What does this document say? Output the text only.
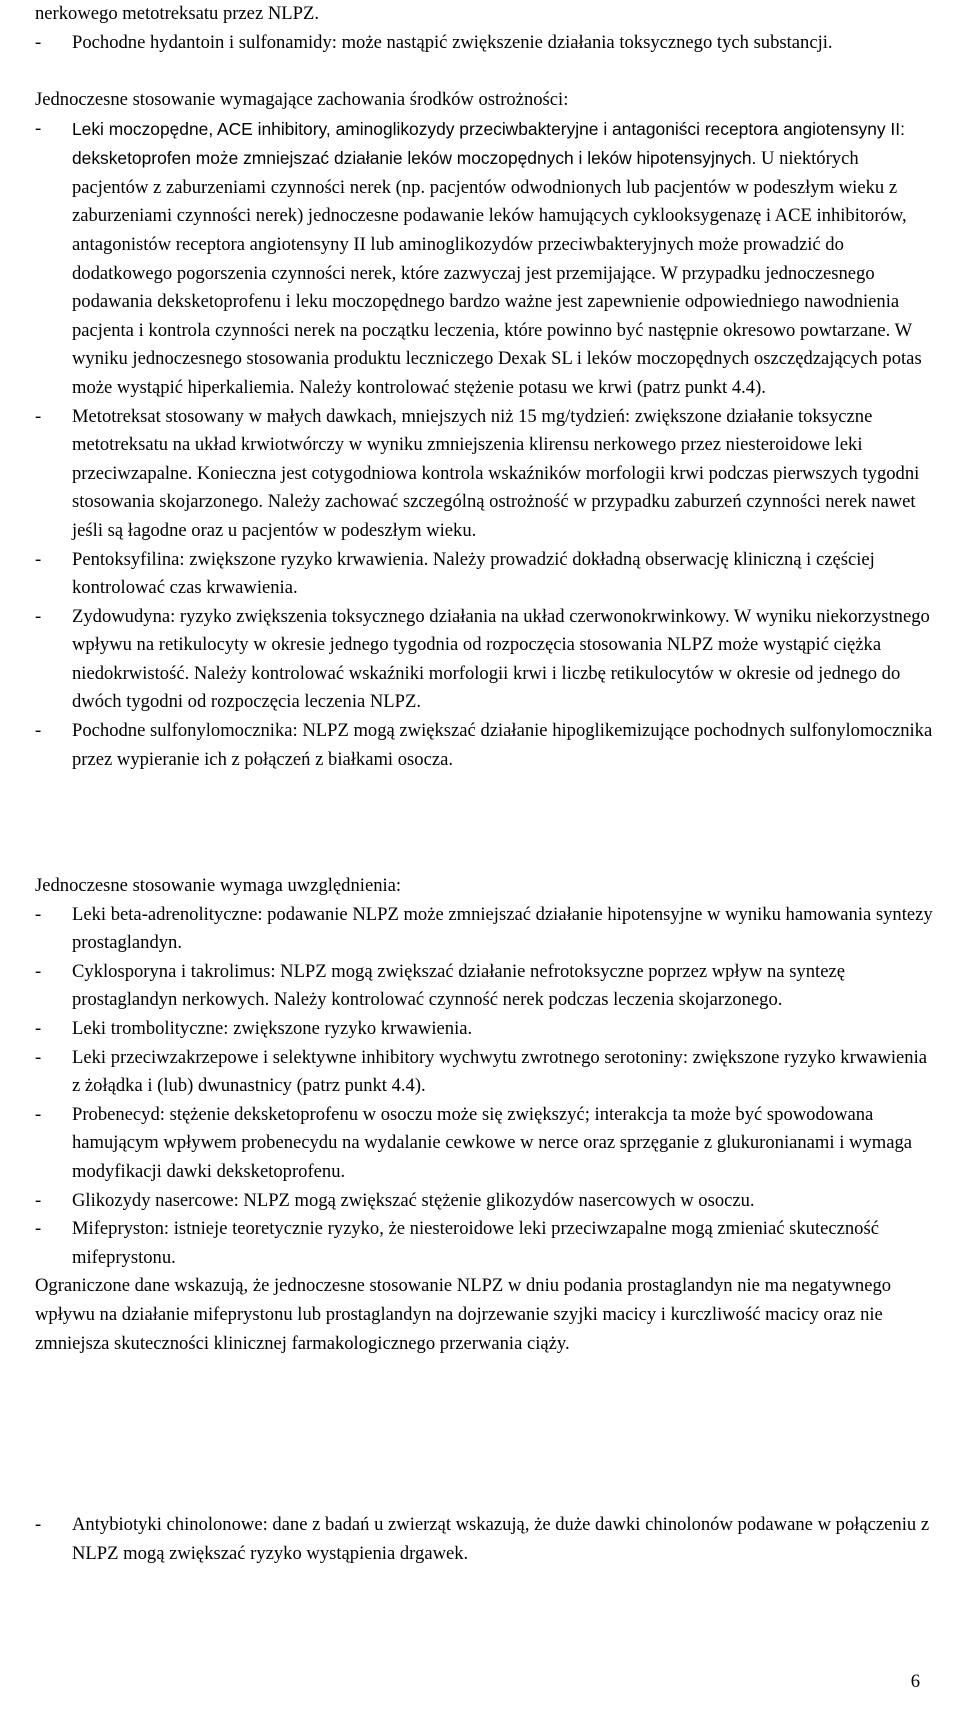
nerkowego metotreksatu przez NLPZ.

- Pochodne hydantoin i sulfonamidy: może nastąpić zwiększenie działania toksycznego tych substancji.

Jednoczesne stosowanie wymagające zachowania środków ostrożności:

- Leki moczopędne, ACE inhibitory, aminoglikozydy przeciwbakteryjne i antagoniści receptora angiotensyny II: deksketoprofen może zmniejszać działanie leków moczopędnych i leków hipotensyjnych. U niektórych pacjentów z zaburzeniami czynności nerek (np. pacjentów odwodnionych lub pacjentów w podeszłym wieku z zaburzeniami czynności nerek) jednoczesne podawanie leków hamujących cyklooksygenazę i ACE inhibitorów, antagonistów receptora angiotensyny II lub aminoglikozydów przeciwbakteryjnych może prowadzić do dodatkowego pogorszenia czynności nerek, które zazwyczaj jest przemijające. W przypadku jednoczesnego podawania deksketoprofenu i leku moczopędnego bardzo ważne jest zapewnienie odpowiedniego nawodnienia pacjenta i kontrola czynności nerek na początku leczenia, które powinno być następnie okresowo powtarzane. W wyniku jednoczesnego stosowania produktu leczniczego Dexak SL i leków moczopędnych oszczędzających potas może wystąpić hiperkaliemia. Należy kontrolować stężenie potasu we krwi (patrz punkt 4.4).
- Metotreksat stosowany w małych dawkach, mniejszych niż 15 mg/tydzień: zwiększone działanie toksyczne metotreksatu na układ krwiotwórczy w wyniku zmniejszenia klirensu nerkowego przez niesteroidowe leki przeciwzapalne. Konieczna jest cotygodniowa kontrola wskaźników morfologii krwi podczas pierwszych tygodni stosowania skojarzonego. Należy zachować szczególną ostrożność w przypadku zaburzeń czynności nerek nawet jeśli są łagodne oraz u pacjentów w podeszłym wieku.
- Pentoksyfilina: zwiększone ryzyko krwawienia. Należy prowadzić dokładną obserwację kliniczną i częściej kontrolować czas krwawienia.
- Zydowudyna: ryzyko zwiększenia toksycznego działania na układ czerwonokrwinkowy. W wyniku niekorzystnego wpływu na retikulocyty w okresie jednego tygodnia od rozpoczęcia stosowania NLPZ może wystąpić ciężka niedokrwistość. Należy kontrolować wskaźniki morfologii krwi i liczbę retikulocytów w okresie od jednego do dwóch tygodni od rozpoczęcia leczenia NLPZ.
- Pochodne sulfonylomocznika: NLPZ mogą zwiększać działanie hipoglikemizujące pochodnych sulfonylomocznika przez wypieranie ich z połączeń z białkami osocza.

Jednoczesne stosowanie wymaga uwzględnienia:

- Leki beta-adrenolityczne: podawanie NLPZ może zmniejszać działanie hipotensyjne w wyniku hamowania syntezy prostaglandyn.
- Cyklosporyna i takrolimus: NLPZ mogą zwiększać działanie nefrotoksyczne poprzez wpływ na syntezę prostaglandyn nerkowych. Należy kontrolować czynność nerek podczas leczenia skojarzonego.
- Leki trombolityczne: zwiększone ryzyko krwawienia.
- Leki przeciwzakrzepowe i selektywne inhibitory wychwytu zwrotnego serotoniny: zwiększone ryzyko krwawienia z żołądka i (lub) dwunastnicy (patrz punkt 4.4).
- Probenecyd: stężenie deksketoprofenu w osoczu może się zwiększyć; interakcja ta może być spowodowana hamującym wpływem probenecydu na wydalanie cewkowe w nerce oraz sprzęganie z glukuronianami i wymaga modyfikacji dawki deksketoprofenu.
- Glikozydy nasercowe: NLPZ mogą zwiększać stężenie glikozydów nasercowych w osoczu.
- Mifepryston: istnieje teoretycznie ryzyko, że niesteroidowe leki przeciwzapalne mogą zmieniać skuteczność mifeprystonu.

Ograniczone dane wskazują, że jednoczesne stosowanie NLPZ w dniu podania prostaglandyn nie ma negatywnego wpływu na działanie mifeprystonu lub prostaglandyn na dojrzewanie szyjki macicy i kurczliwość macicy oraz nie zmniejsza skuteczności klinicznej farmakologicznego przerwania ciąży.

- Antybiotyki chinolonowe: dane z badań u zwierząt wskazują, że duże dawki chinolonów podawane w połączeniu z NLPZ mogą zwiększać ryzyko wystąpienia drgawek.
6
